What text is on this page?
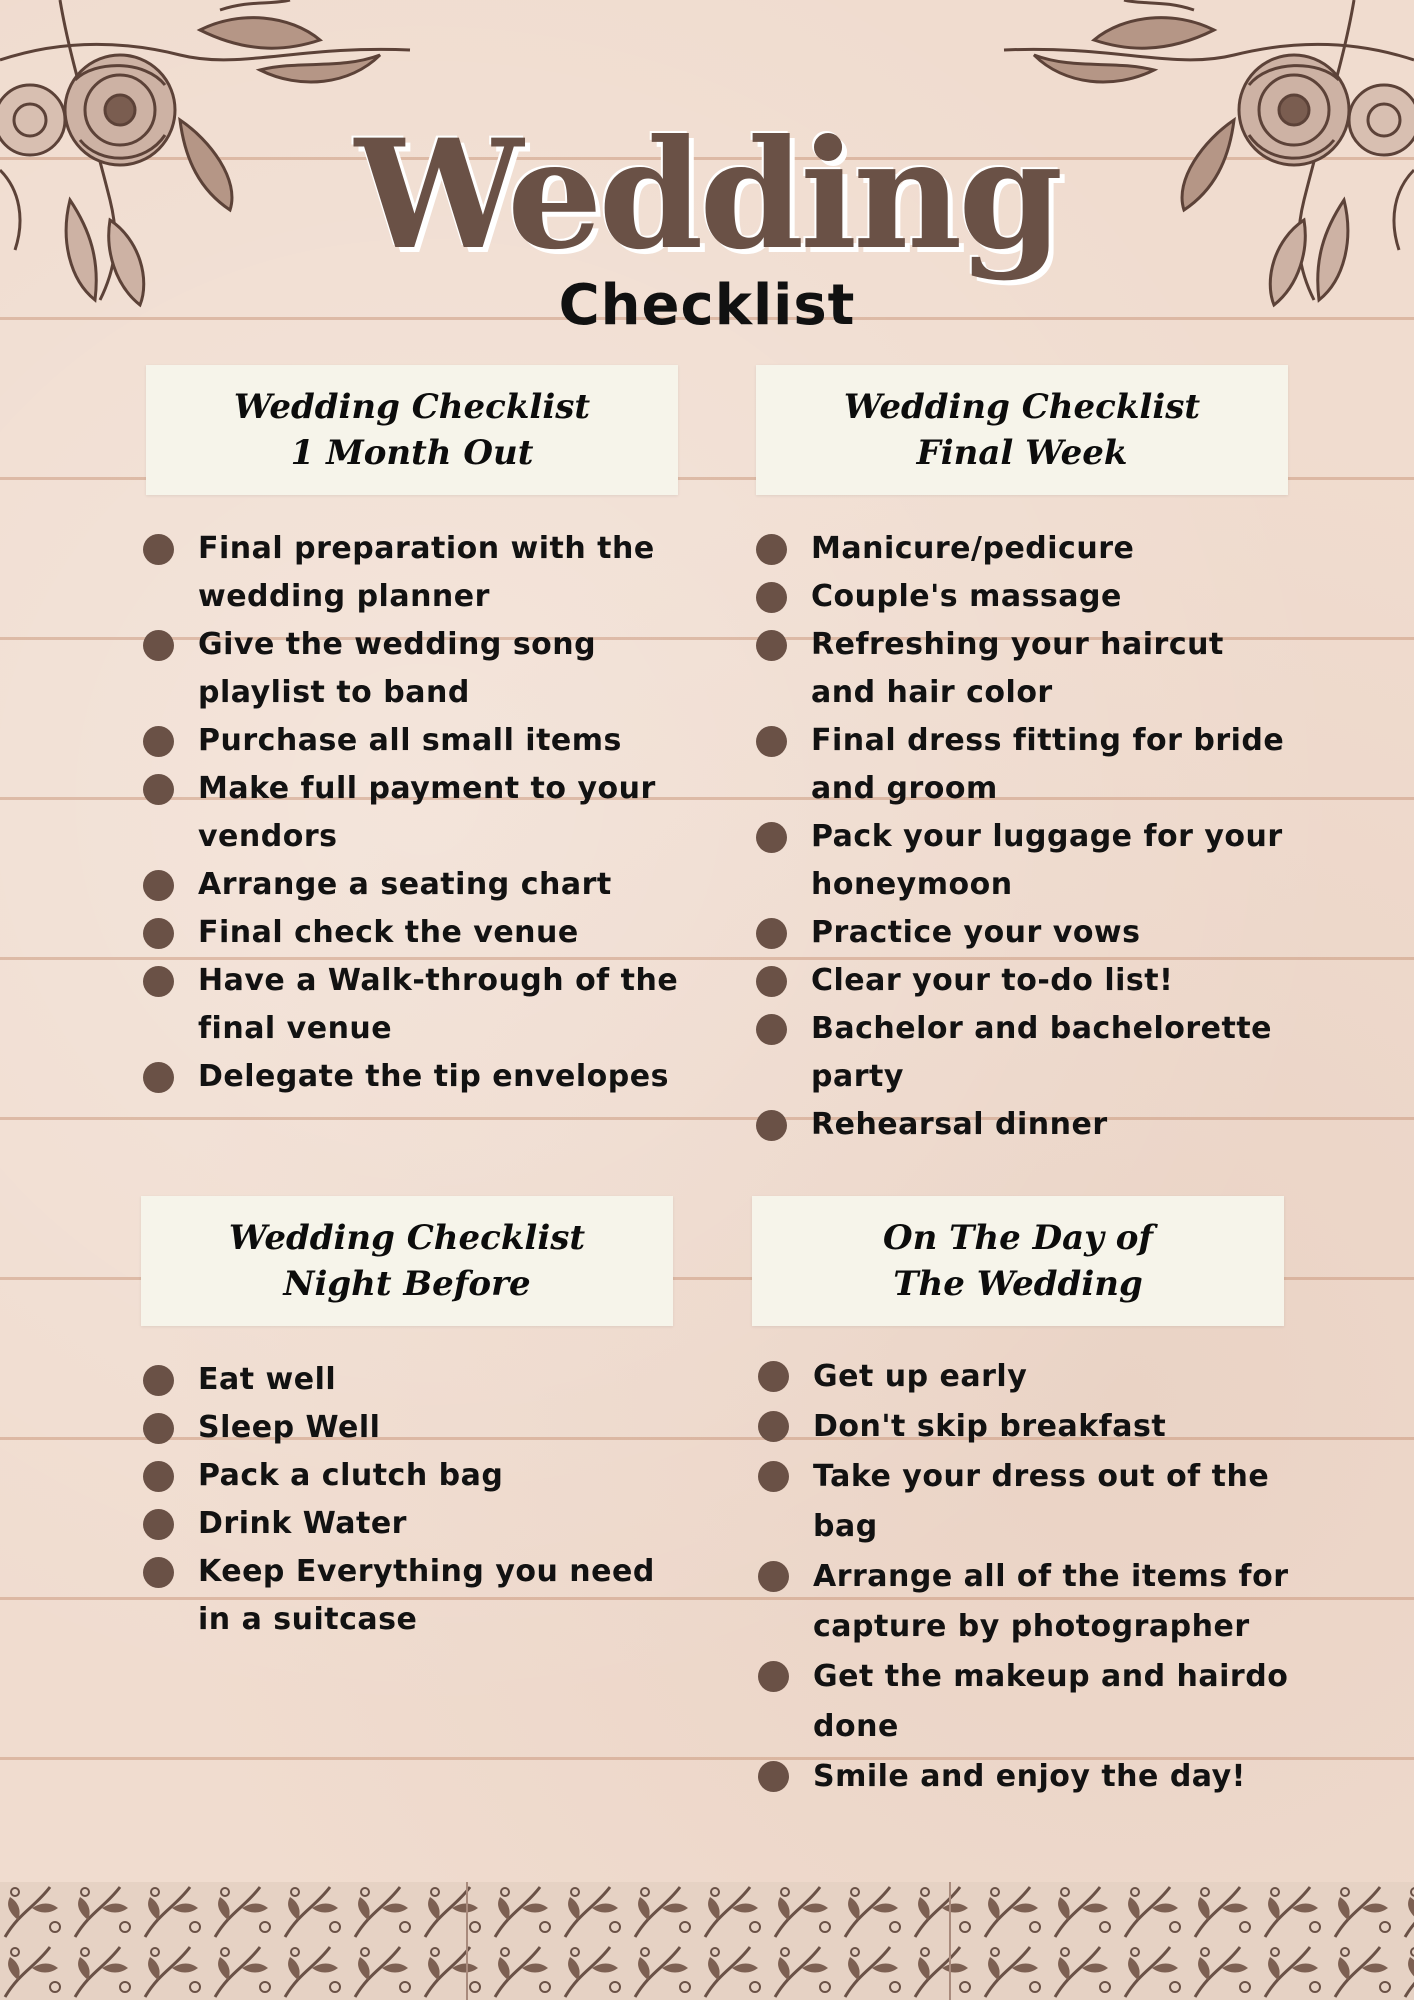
Wedding
Checklist
Wedding Checklist
1 Month Out
Final preparation with the wedding planner
Give the wedding song playlist to band
Purchase all small items
Make full payment to your vendors
Arrange a seating chart
Final check the venue
Have a Walk-through of the final venue
Delegate the tip envelopes
Wedding Checklist
Final Week
Manicure/pedicure
Couple's massage
Refreshing your haircut and hair color
Final dress fitting for bride and groom
Pack your luggage for your honeymoon
Practice your vows
Clear your to-do list!
Bachelor and bachelorette party
Rehearsal dinner
Wedding Checklist
Night Before
Eat well
Sleep Well
Pack a clutch bag
Drink Water
Keep Everything you need in a suitcase
On The Day of
The Wedding
Get up early
Don't skip breakfast
Take your dress out of the bag
Arrange all of the items for capture by photographer
Get the makeup and hairdo done
Smile and enjoy the day!
